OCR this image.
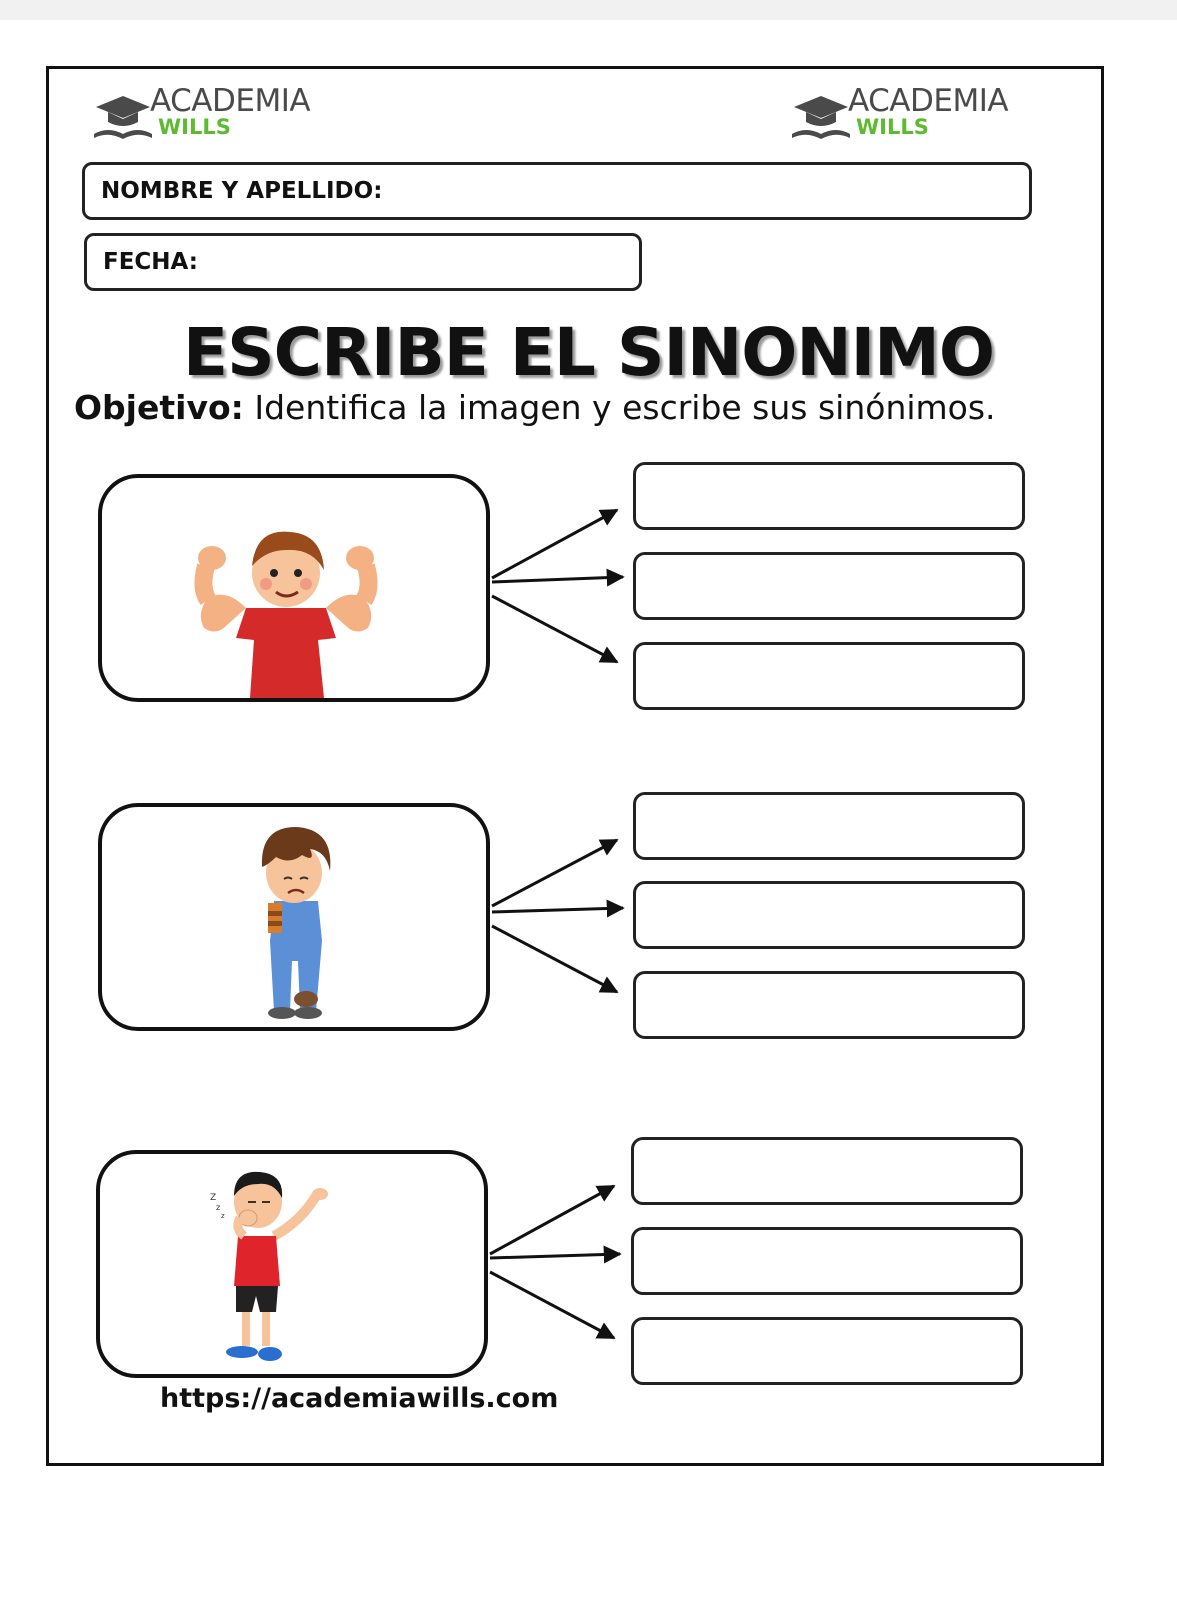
ACADEMIA
WILLS
ACADEMIA
WILLS
NOMBRE Y APELLIDO:
FECHA:
ESCRIBE EL SINONIMO
Objetivo: Identifica la imagen y escribe sus sinónimos.
Z
z
z
https://academiawills.com
